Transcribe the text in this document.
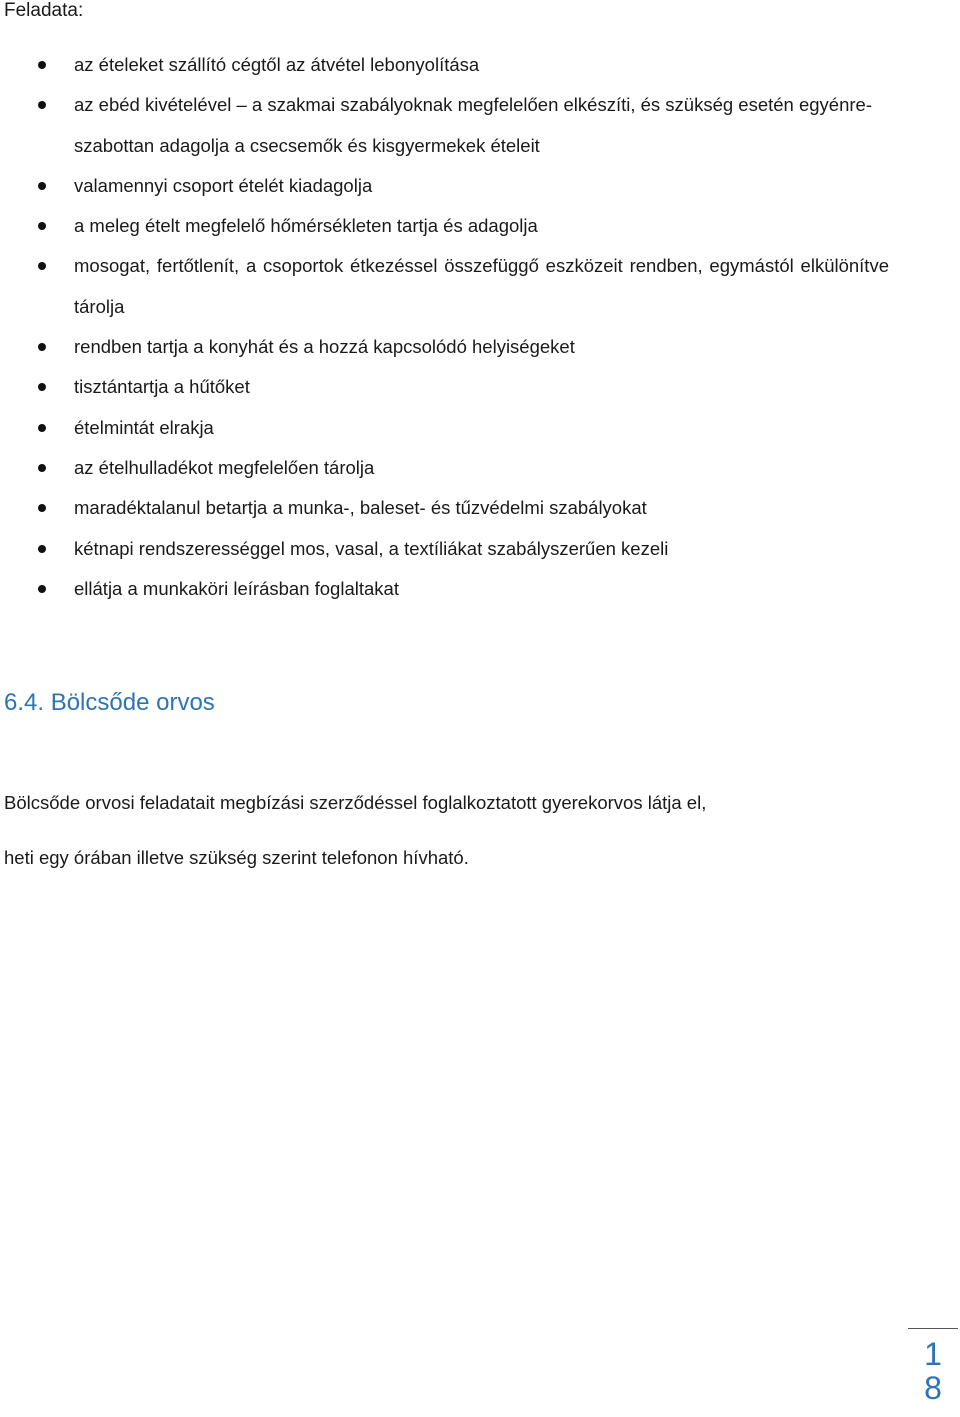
Feladata:

az ételeket szállító cégtől az átvétel lebonyolítása
az ebéd kivételével – a szakmai szabályoknak megfelelően elkészíti, és szükség esetén egyénre-szabottan adagolja a csecsemők és kisgyermekek ételeit
valamennyi csoport ételét kiadagolja
a meleg ételt megfelelő hőmérsékleten tartja és adagolja
mosogat, fertőtlenít, a csoportok étkezéssel összefüggő eszközeit rendben, egymástól elkülönítve tárolja
rendben tartja a konyhát és a hozzá kapcsolódó helyiségeket
tisztántartja a hűtőket
ételmintát elrakja
az ételhulladékot megfelelően tárolja
maradéktalanul betartja a munka-, baleset- és tűzvédelmi szabályokat
kétnapi rendszerességgel mos, vasal, a textíliákat szabályszerűen kezeli
ellátja a munkaköri leírásban foglaltakat
6.4. Bölcsőde orvos

Bölcsőde orvosi feladatait megbízási szerződéssel foglalkoztatott gyerekorvos látja el,

heti egy órában illetve szükség szerint telefonon hívható.

1
8
